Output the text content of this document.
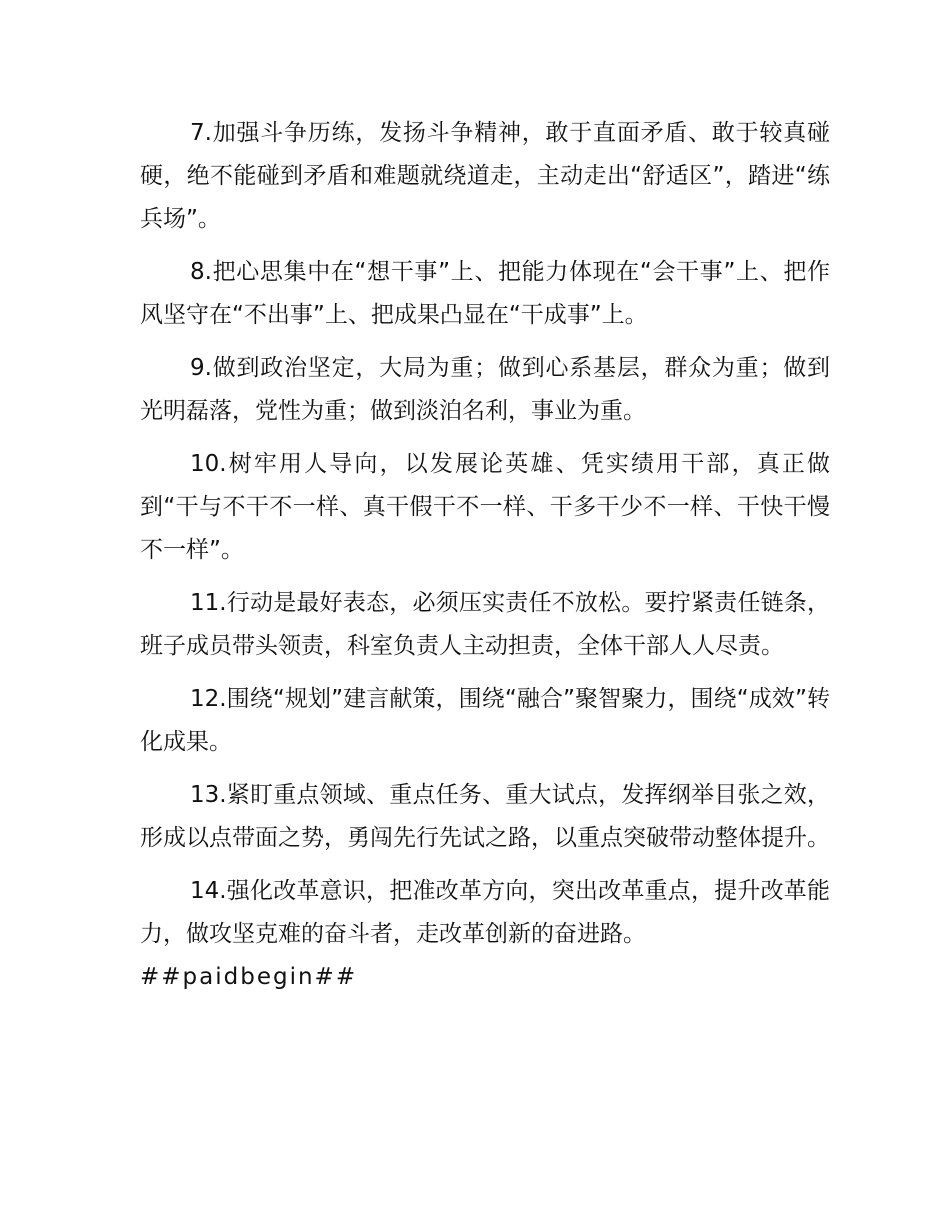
7.加强斗争历练，发扬斗争精神，敢于直面矛盾、敢于较真碰硬，绝不能碰到矛盾和难题就绕道走，主动走出“舒适区”，踏进“练兵场”。

8.把心思集中在“想干事”上、把能力体现在“会干事”上、把作风坚守在“不出事”上、把成果凸显在“干成事”上。

9.做到政治坚定，大局为重；做到心系基层，群众为重；做到光明磊落，党性为重；做到淡泊名利，事业为重。

10.树牢用人导向，以发展论英雄、凭实绩用干部，真正做到“干与不干不一样、真干假干不一样、干多干少不一样、干快干慢不一样”。

11.行动是最好表态，必须压实责任不放松。要拧紧责任链条，班子成员带头领责，科室负责人主动担责，全体干部人人尽责。

12.围绕“规划”建言献策，围绕“融合”聚智聚力，围绕“成效”转化成果。

13.紧盯重点领域、重点任务、重大试点，发挥纲举目张之效，形成以点带面之势，勇闯先行先试之路，以重点突破带动整体提升。

14.强化改革意识，把准改革方向，突出改革重点，提升改革能力，做攻坚克难的奋斗者，走改革创新的奋进路。

##paidbegin##
